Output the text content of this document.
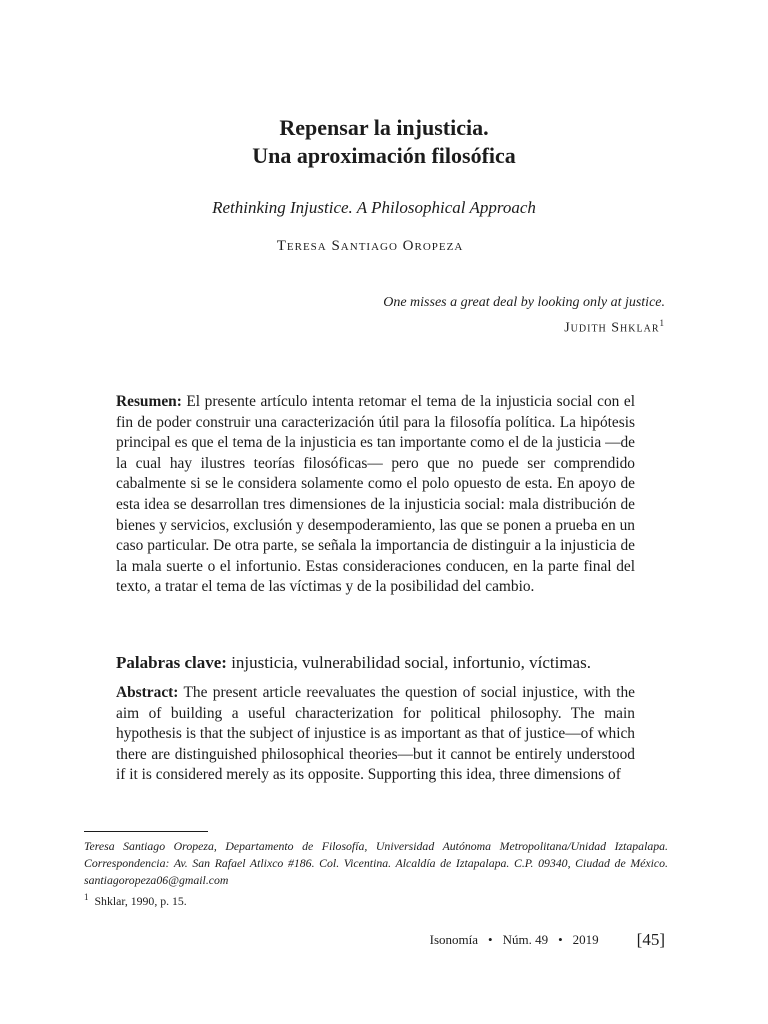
Repensar la injusticia.
Una aproximación filosófica
Rethinking Injustice. A Philosophical Approach
Teresa Santiago Oropeza
One misses a great deal by looking only at justice.
Judith Shklar$^1$
Resumen: El presente artículo intenta retomar el tema de la injusticia social con el fin de poder construir una caracterización útil para la filosofía política. La hipótesis principal es que el tema de la injusticia es tan importante como el de la justicia —de la cual hay ilustres teorías filosóficas— pero que no puede ser comprendido cabalmente si se le considera solamente como el polo opuesto de esta. En apoyo de esta idea se desarrollan tres dimensiones de la injusticia social: mala distribución de bienes y servicios, exclusión y desempoderamiento, las que se ponen a prueba en un caso particular. De otra parte, se señala la importancia de distinguir a la injusticia de la mala suerte o el infortunio. Estas consideraciones conducen, en la parte final del texto, a tratar el tema de las víctimas y de la posibilidad del cambio.
Palabras clave: injusticia, vulnerabilidad social, infortunio, víctimas.
Abstract: The present article reevaluates the question of social injustice, with the aim of building a useful characterization for political philosophy. The main hypothesis is that the subject of injustice is as important as that of justice—of which there are distinguished philosophical theories—but it cannot be entirely understood if it is considered merely as its opposite. Supporting this idea, three dimensions of

Teresa Santiago Oropeza, Departamento de Filosofía, Universidad Autónoma Metropolitana/Unidad Iztapalapa. Correspondencia: Av. San Rafael Atlixco #186. Col. Vicentina. Alcaldía de Iztapalapa. C.P. 09340, Ciudad de México. santiagoropeza06@gmail.com

$^1$ Shklar, 1990, p. 15.

Isonomía • Núm. 49 • 2019 [45]
